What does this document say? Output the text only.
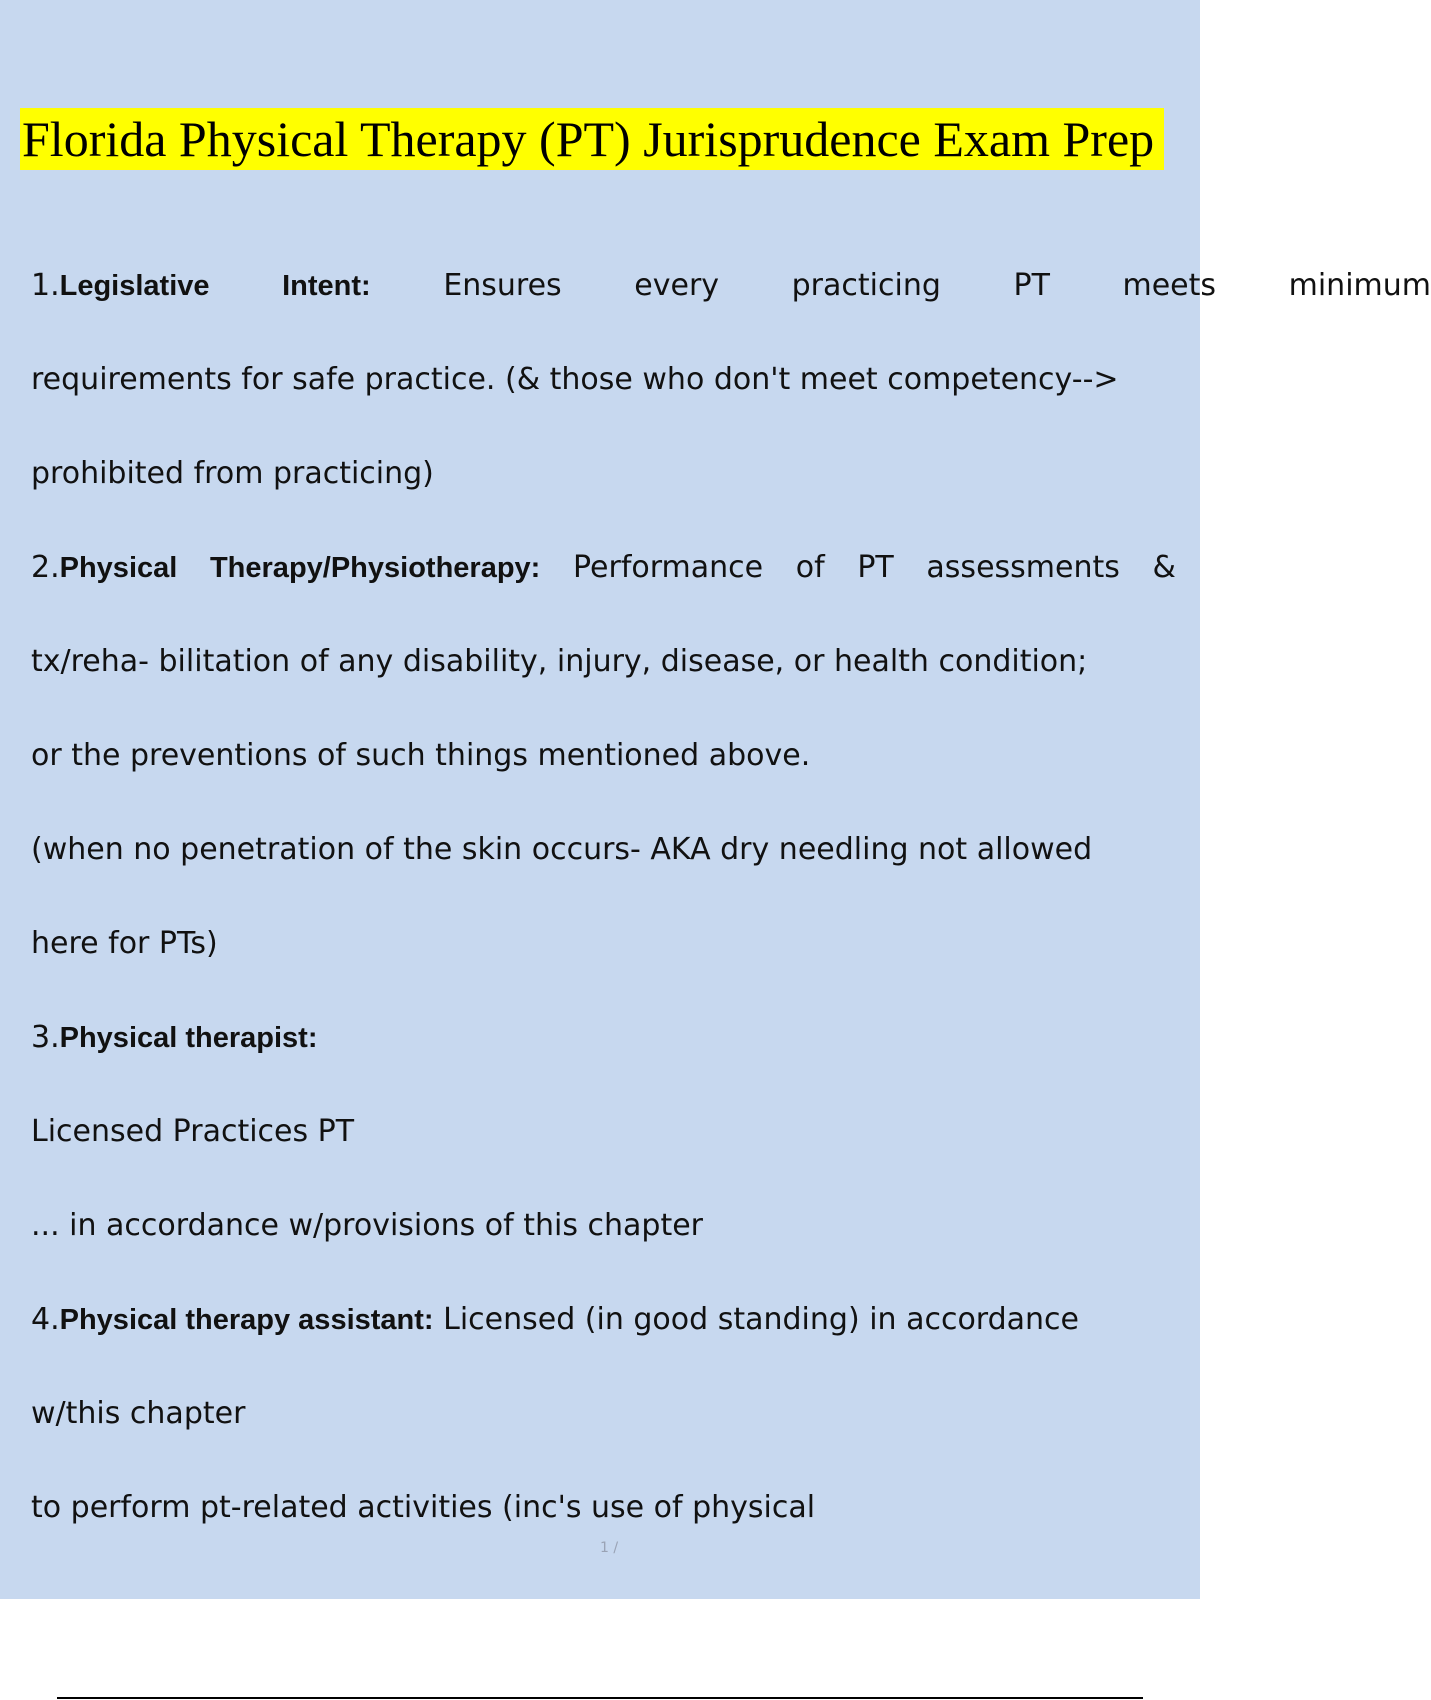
Florida Physical Therapy (PT) Jurisprudence Exam Prep
1.Legislative	Intent: Ensures every practicing PT meets minimum

requirements for safe practice. (& those who don't meet competency-->

prohibited from practicing)

2.Physical Therapy/Physiotherapy: Performance of PT assessments &

tx/reha- bilitation of any disability, injury, disease, or health condition;

or the preventions of such things mentioned above.

(when no penetration of the skin occurs- AKA dry needling not allowed

here for PTs)

3.Physical therapist:

Licensed Practices PT

... in accordance w/provisions of this chapter

4.Physical therapy assistant: Licensed (in good standing) in accordance

w/this chapter

to perform pt-related activities (inc's use of physical

1 /
